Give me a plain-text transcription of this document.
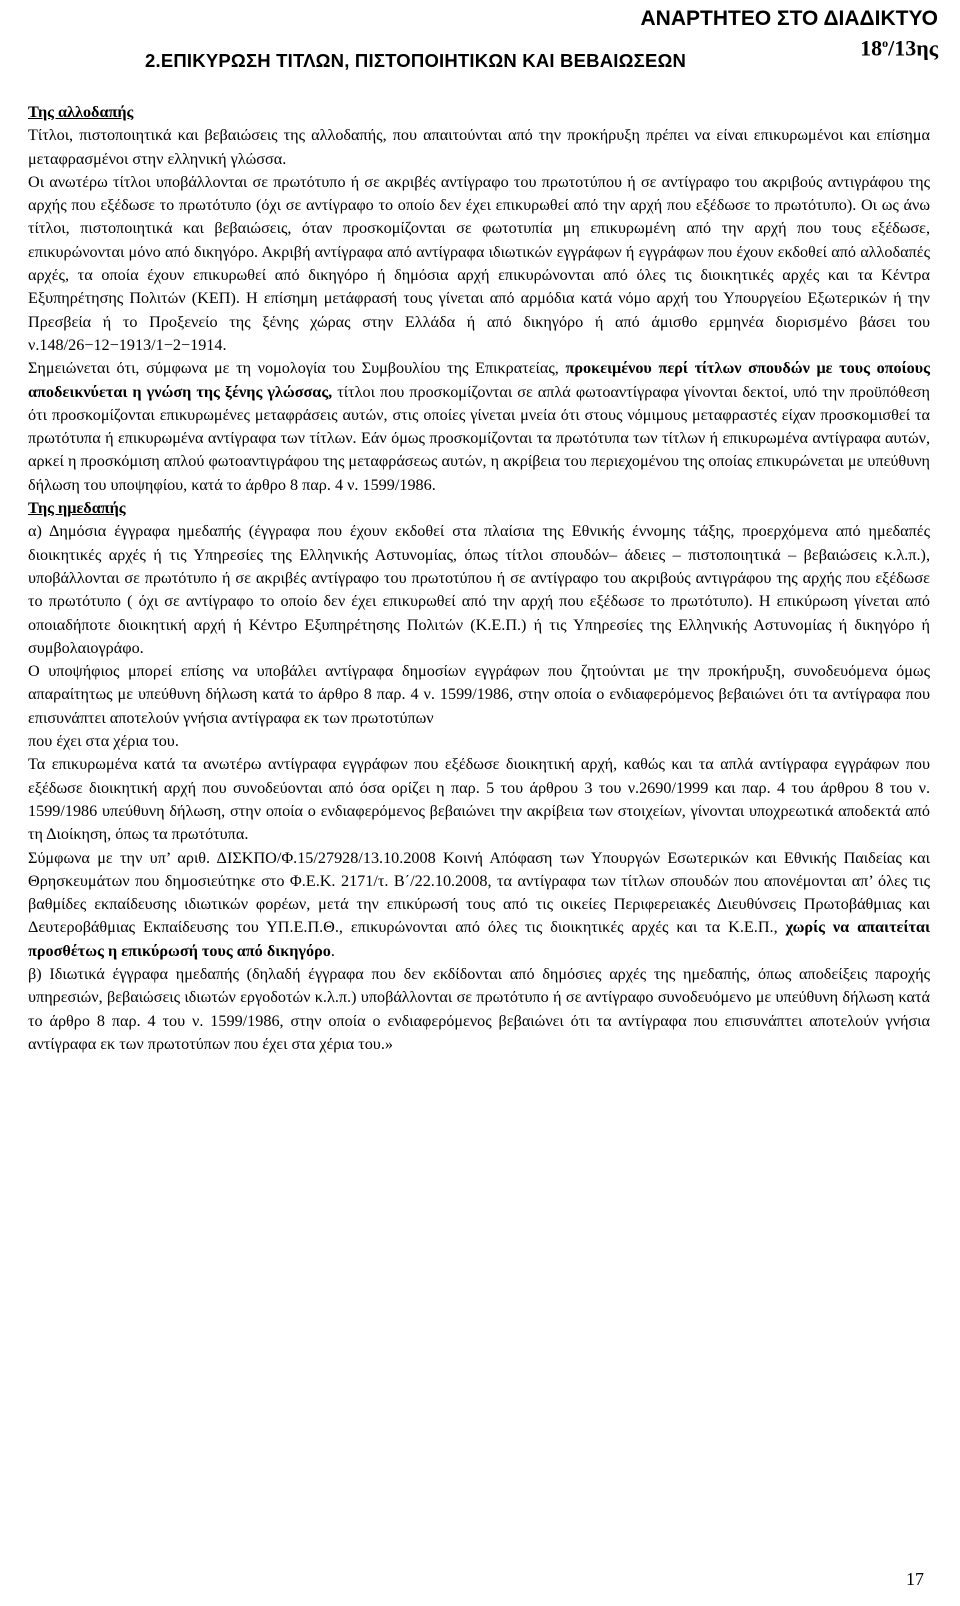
ΑΝΑΡΤΗΤΕΟ ΣΤΟ ΔΙΑΔΙΚΤΥΟ
$18^o/13\eta\varsigma$
2.ΕΠΙΚΥΡΩΣΗ ΤΙΤΛΩΝ, ΠΙΣΤΟΠΟΙΗΤΙΚΩΝ ΚΑΙ ΒΕΒΑΙΩΣΕΩΝ

Της αλλοδαπής

Τίτλοι, πιστοποιητικά και βεβαιώσεις της αλλοδαπής, που απαιτούνται από την προκήρυξη πρέπει να είναι επικυρωμένοι και επίσημα μεταφρασμένοι στην ελληνική γλώσσα.

Οι ανωτέρω τίτλοι υποβάλλονται σε πρωτότυπο ή σε ακριβές αντίγραφο του πρωτοτύπου ή σε αντίγραφο του ακριβούς αντιγράφου της αρχής που εξέδωσε το πρωτότυπο (όχι σε αντίγραφο το οποίο δεν έχει επικυρωθεί από την αρχή που εξέδωσε το πρωτότυπο). Οι ως άνω τίτλοι, πιστοποιητικά και βεβαιώσεις, όταν προσκομίζονται σε φωτοτυπία μη επικυρωμένη από την αρχή που τους εξέδωσε, επικυρώνονται μόνο από δικηγόρο. Ακριβή αντίγραφα από αντίγραφα ιδιωτικών εγγράφων ή εγγράφων που έχουν εκδοθεί από αλλοδαπές αρχές, τα οποία έχουν επικυρωθεί από δικηγόρο ή δημόσια αρχή επικυρώνονται από όλες τις διοικητικές αρχές και τα Κέντρα Εξυπηρέτησης Πολιτών (ΚΕΠ). Η επίσημη μετάφρασή τους γίνεται από αρμόδια κατά νόμο αρχή του Υπουργείου Εξωτερικών ή την Πρεσβεία ή το Προξενείο της ξένης χώρας στην Ελλάδα ή από δικηγόρο ή από άμισθο ερμηνέα διορισμένο βάσει του ν.148/26−12−1913/1−2−1914.

Σημειώνεται ότι, σύμφωνα με τη νομολογία του Συμβουλίου της Επικρατείας, προκειμένου περί τίτλων σπουδών με τους οποίους αποδεικνύεται η γνώση της ξένης γλώσσας, τίτλοι που προσκομίζονται σε απλά φωτοαντίγραφα γίνονται δεκτοί, υπό την προϋπόθεση ότι προσκομίζονται επικυρωμένες μεταφράσεις αυτών, στις οποίες γίνεται μνεία ότι στους νόμιμους μεταφραστές είχαν προσκομισθεί τα πρωτότυπα ή επικυρωμένα αντίγραφα των τίτλων. Εάν όμως προσκομίζονται τα πρωτότυπα των τίτλων ή επικυρωμένα αντίγραφα αυτών, αρκεί η προσκόμιση απλού φωτοαντιγράφου της μεταφράσεως αυτών, η ακρίβεια του περιεχομένου της οποίας επικυρώνεται με υπεύθυνη δήλωση του υποψηφίου, κατά το άρθρο 8 παρ. 4 ν. 1599/1986.

Της ημεδαπής

α) Δημόσια έγγραφα ημεδαπής (έγγραφα που έχουν εκδοθεί στα πλαίσια της Εθνικής έννομης τάξης, προερχόμενα από ημεδαπές διοικητικές αρχές ή τις Υπηρεσίες της Ελληνικής Αστυνομίας, όπως τίτλοι σπουδών– άδειες – πιστοποιητικά – βεβαιώσεις κ.λ.π.), υποβάλλονται σε πρωτότυπο ή σε ακριβές αντίγραφο του πρωτοτύπου ή σε αντίγραφο του ακριβούς αντιγράφου της αρχής που εξέδωσε το πρωτότυπο ( όχι σε αντίγραφο το οποίο δεν έχει επικυρωθεί από την αρχή που εξέδωσε το πρωτότυπο). Η επικύρωση γίνεται από οποιαδήποτε διοικητική αρχή ή Κέντρο Εξυπηρέτησης Πολιτών (Κ.Ε.Π.) ή τις Υπηρεσίες της Ελληνικής Αστυνομίας ή δικηγόρο ή συμβολαιογράφο.

Ο υποψήφιος μπορεί επίσης να υποβάλει αντίγραφα δημοσίων εγγράφων που ζητούνται με την προκήρυξη, συνοδευόμενα όμως απαραίτητως με υπεύθυνη δήλωση κατά το άρθρο 8 παρ. 4 ν. 1599/1986, στην οποία ο ενδιαφερόμενος βεβαιώνει ότι τα αντίγραφα που επισυνάπτει αποτελούν γνήσια αντίγραφα εκ των πρωτοτύπων

που έχει στα χέρια του.

Τα επικυρωμένα κατά τα ανωτέρω αντίγραφα εγγράφων που εξέδωσε διοικητική αρχή, καθώς και τα απλά αντίγραφα εγγράφων που εξέδωσε διοικητική αρχή που συνοδεύονται από όσα ορίζει η παρ. 5 του άρθρου 3 του ν.2690/1999 και παρ. 4 του άρθρου 8 του ν. 1599/1986 υπεύθυνη δήλωση, στην οποία ο ενδιαφερόμενος βεβαιώνει την ακρίβεια των στοιχείων, γίνονται υποχρεωτικά αποδεκτά από τη Διοίκηση, όπως τα πρωτότυπα.

Σύμφωνα με την υπ’ αριθ. ΔΙΣΚΠΟ/Φ.15/27928/13.10.2008 Κοινή Απόφαση των Υπουργών Εσωτερικών και Εθνικής Παιδείας και Θρησκευμάτων που δημοσιεύτηκε στο Φ.Ε.Κ. 2171/τ. Β΄/22.10.2008, τα αντίγραφα των τίτλων σπουδών που απονέμονται απ’ όλες τις βαθμίδες εκπαίδευσης ιδιωτικών φορέων, μετά την επικύρωσή τους από τις οικείες Περιφερειακές Διευθύνσεις Πρωτοβάθμιας και Δευτεροβάθμιας Εκπαίδευσης του ΥΠ.Ε.Π.Θ., επικυρώνονται από όλες τις διοικητικές αρχές και τα Κ.Ε.Π., χωρίς να απαιτείται προσθέτως η επικύρωσή τους από δικηγόρο.

β) Ιδιωτικά έγγραφα ημεδαπής (δηλαδή έγγραφα που δεν εκδίδονται από δημόσιες αρχές της ημεδαπής, όπως αποδείξεις παροχής υπηρεσιών, βεβαιώσεις ιδιωτών εργοδοτών κ.λ.π.) υποβάλλονται σε πρωτότυπο ή σε αντίγραφο συνοδευόμενο με υπεύθυνη δήλωση κατά το άρθρο 8 παρ. 4 του ν. 1599/1986, στην οποία ο ενδιαφερόμενος βεβαιώνει ότι τα αντίγραφα που επισυνάπτει αποτελούν γνήσια αντίγραφα εκ των πρωτοτύπων που έχει στα χέρια του.»

17
